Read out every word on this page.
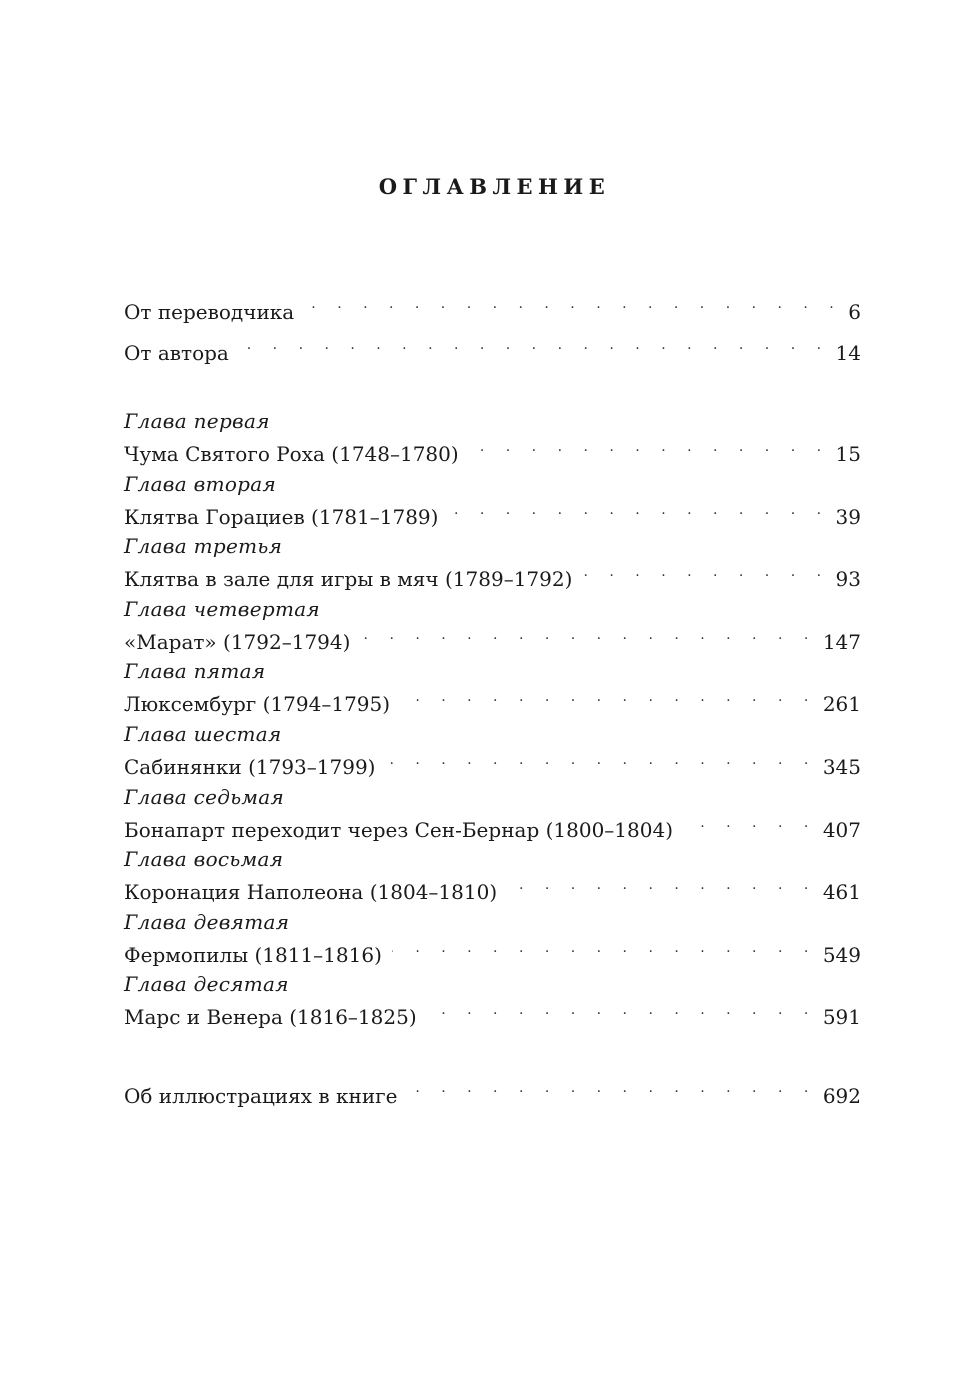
ОГЛАВЛЕНИЕ
От переводчика . . .	6
От автора . . .	14
Глава первая
Чума Святого Роха (1748–1780) . . .	15
Глава вторая
Клятва Горациев (1781–1789) . . .	39
Глава третья
Клятва в зале для игры в мяч (1789–1792) . . .	93
Глава четвертая
«Марат» (1792–1794) . . .	147
Глава пятая
Люксембург (1794–1795) . . .	261
Глава шестая
Сабинянки (1793–1799) . . .	345
Глава седьмая
Бонапарт переходит через Сен-Бернар (1800–1804) . . .	407
Глава восьмая
Коронация Наполеона (1804–1810) . . .	461
Глава девятая
Фермопилы (1811–1816) . . .	549
Глава десятая
Марс и Венера (1816–1825) . . .	591
Об иллюстрациях в книге . . .	692
